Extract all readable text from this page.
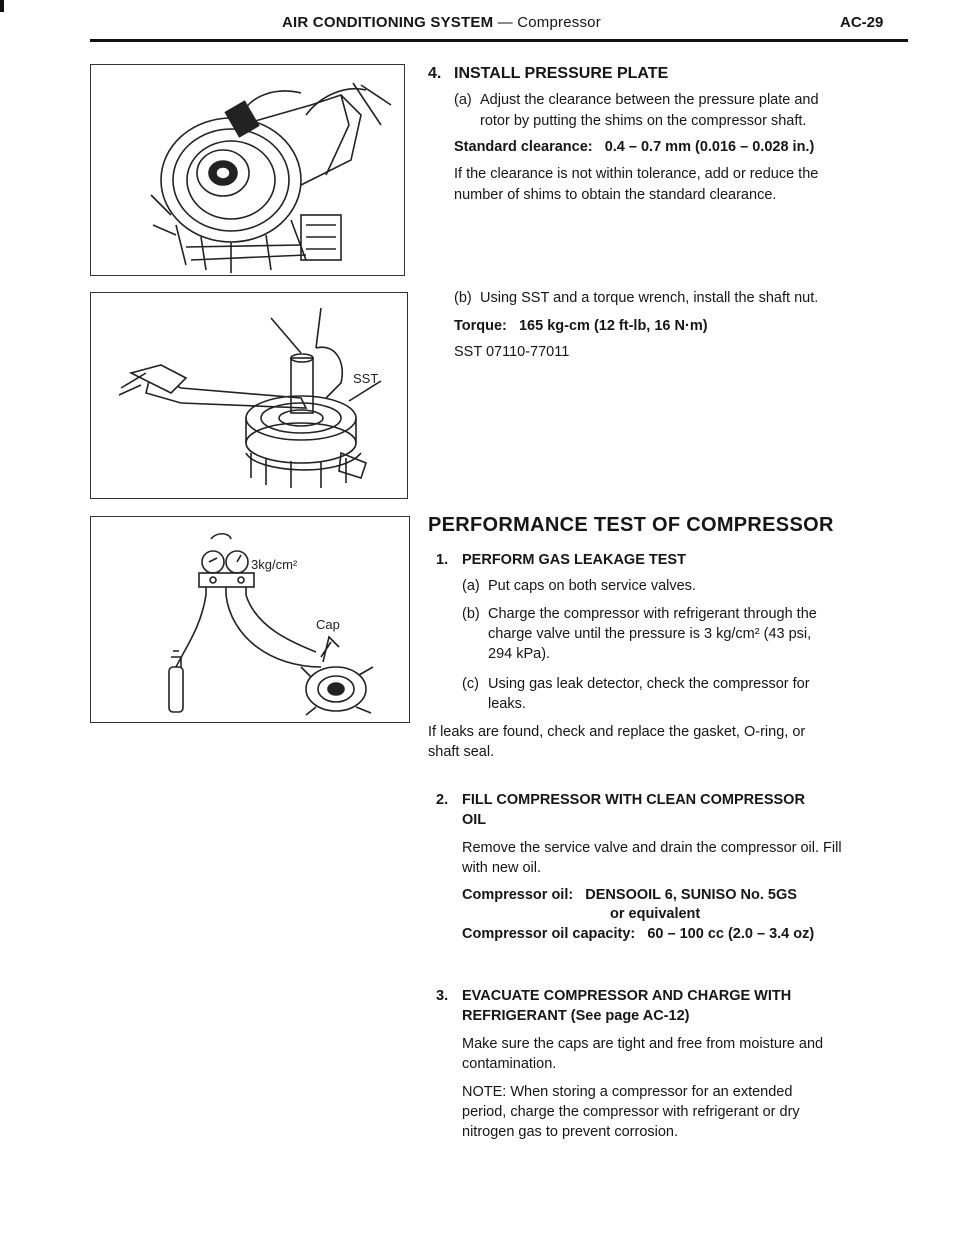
AIR CONDITIONING SYSTEM — Compressor	AC-29
SST
3kg/cm²
Cap
4. INSTALL PRESSURE PLATE
(a) Adjust the clearance between the pressure plate and
rotor by putting the shims on the compressor shaft.
Standard clearance: 0.4 – 0.7 mm (0.016 – 0.028 in.)
If the clearance is not within tolerance, add or reduce the
number of shims to obtain the standard clearance.
(b) Using SST and a torque wrench, install the shaft nut.
Torque: 165 kg-cm (12 ft-lb, 16 N·m)
SST 07110-77011
PERFORMANCE TEST OF COMPRESSOR
1. PERFORM GAS LEAKAGE TEST
(a) Put caps on both service valves.
(b) Charge the compressor with refrigerant through the
charge valve until the pressure is 3 kg/cm² (43 psi,
294 kPa).
(c) Using gas leak detector, check the compressor for
leaks.
If leaks are found, check and replace the gasket, O-ring, or
shaft seal.
2. FILL COMPRESSOR WITH CLEAN COMPRESSOR
OIL
Remove the service valve and drain the compressor oil. Fill
with new oil.
Compressor oil: DENSOOIL 6, SUNISO No. 5GS
or equivalent
Compressor oil capacity: 60 – 100 cc (2.0 – 3.4 oz)
3. EVACUATE COMPRESSOR AND CHARGE WITH
REFRIGERANT (See page AC-12)
Make sure the caps are tight and free from moisture and
contamination.
NOTE: When storing a compressor for an extended
period, charge the compressor with refrigerant or dry
nitrogen gas to prevent corrosion.
